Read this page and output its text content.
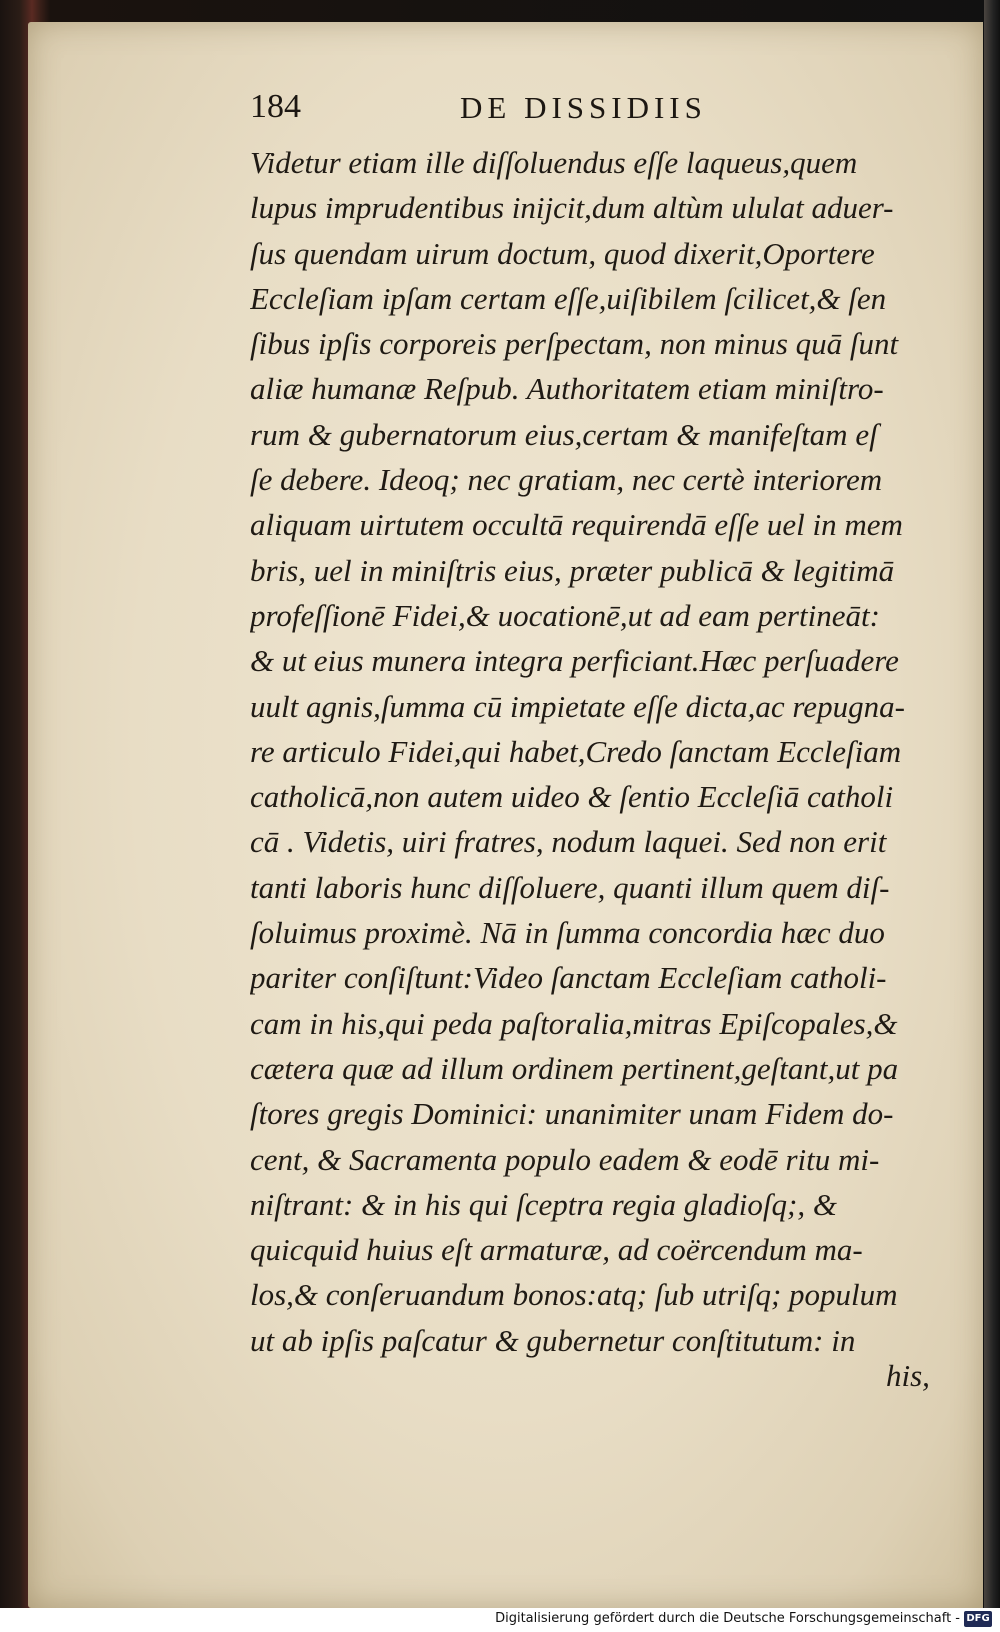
184	DE DISSIDIIS
Videtur etiam ille diſſoluendus eſſe laqueus,quem
lupus imprudentibus inijcit,dum altùm ululat aduer-
ſus quendam uirum doctum, quod dixerit,Oportere
Eccleſiam ipſam certam eſſe,uiſibilem ſcilicet,& ſen
ſibus ipſis corporeis perſpectam, non minus quā ſunt
aliæ humanæ Reſpub. Authoritatem etiam miniſtro-
rum & gubernatorum eius,certam & manifeſtam eſ
ſe debere. Ideoq; nec gratiam, nec certè interiorem
aliquam uirtutem occultā requirendā eſſe uel in mem
bris, uel in miniſtris eius, præter publicā & legitimā
profeſſionē Fidei,& uocationē,ut ad eam pertineāt:
& ut eius munera integra perficiant.Hæc perſuadere
uult agnis,ſumma cū impietate eſſe dicta,ac repugna-
re articulo Fidei,qui habet,Credo ſanctam Eccleſiam
catholicā,non autem uideo & ſentio Eccleſiā catholi
cā . Videtis, uiri fratres, nodum laquei. Sed non erit
tanti laboris hunc diſſoluere, quanti illum quem diſ-
ſoluimus proximè. Nā in ſumma concordia hæc duo
pariter conſiſtunt:Video ſanctam Eccleſiam catholi-
cam in his,qui peda paſtoralia,mitras Epiſcopales,&
cætera quæ ad illum ordinem pertinent,geſtant,ut pa
ſtores gregis Dominici: unanimiter unam Fidem do-
cent, & Sacramenta populo eadem & eodē ritu mi-
niſtrant: & in his qui ſceptra regia gladioſq;, &
quicquid huius eſt armaturæ, ad coërcendum ma-
los,& conſeruandum bonos:atq; ſub utriſq; populum
ut ab ipſis paſcatur & gubernetur conſtitutum: in
his,
Digitalisierung gefördert durch die Deutsche Forschungsgemeinschaft - DFG
